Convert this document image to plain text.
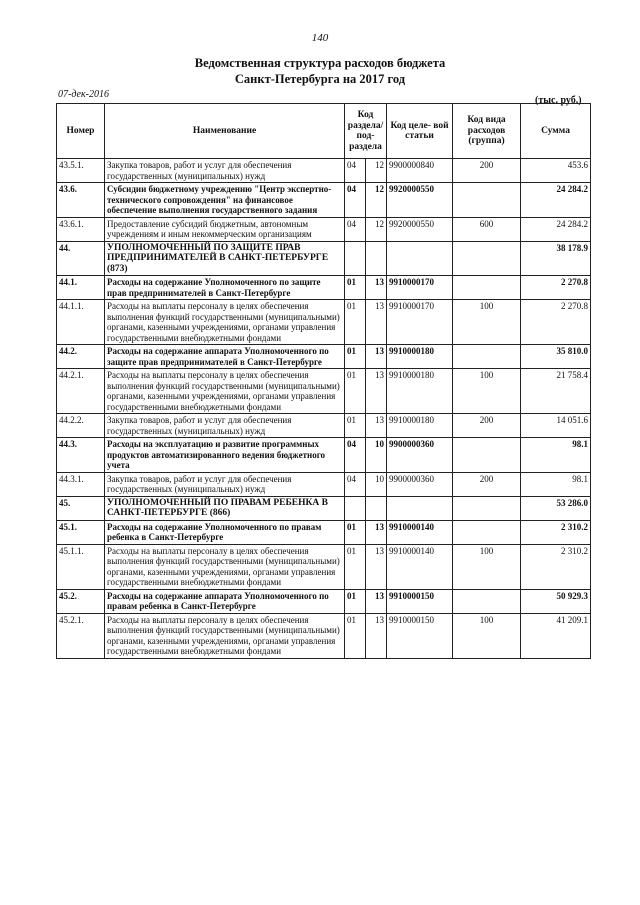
140
Ведомственная структура расходов бюджета
Санкт-Петербурга на 2017 год
07-дек-2016
(тыс. руб.)
Номер	Наименование	Код раздела/ под- раздела		Код целе- вой статьи	Код вида расходов (группа)	Сумма
43.5.1.	Закупка товаров, работ и услуг для обеспечения государственных (муниципальных) нужд	04	12	9900000840	200	453.6
43.6.	Субсидии бюджетному учреждению "Центр экспертно-технического сопровождения" на финансовое обеспечение выполнения государственного задания	04	12	9920000550		24 284.2
43.6.1.	Предоставление субсидий бюджетным, автономным учреждениям и иным некоммерческим организациям	04	12	9920000550	600	24 284.2
44.	УПОЛНОМОЧЕННЫЙ ПО ЗАЩИТЕ ПРАВ ПРЕДПРИНИМАТЕЛЕЙ В САНКТ-ПЕТЕРБУРГЕ (873)					38 178.9
44.1.	Расходы на содержание Уполномоченного по защите прав предпринимателей в Санкт-Петербурге	01	13	9910000170		2 270.8
44.1.1.	Расходы на выплаты персоналу в целях обеспечения выполнения функций государственными (муниципальными) органами, казенными учреждениями, органами управления государственными внебюджетными фондами	01	13	9910000170	100	2 270.8
44.2.	Расходы на содержание аппарата Уполномоченного по защите прав предпринимателей в Санкт-Петербурге	01	13	9910000180		35 810.0
44.2.1.	Расходы на выплаты персоналу в целях обеспечения выполнения функций государственными (муниципальными) органами, казенными учреждениями, органами управления государственными внебюджетными фондами	01	13	9910000180	100	21 758.4
44.2.2.	Закупка товаров, работ и услуг для обеспечения государственных (муниципальных) нужд	01	13	9910000180	200	14 051.6
44.3.	Расходы на эксплуатацию и развитие программных продуктов автоматизированного ведения бюджетного учета	04	10	9900000360		98.1
44.3.1.	Закупка товаров, работ и услуг для обеспечения государственных (муниципальных) нужд	04	10	9900000360	200	98.1
45.	УПОЛНОМОЧЕННЫЙ ПО ПРАВАМ РЕБЕНКА В САНКТ-ПЕТЕРБУРГЕ (866)					53 286.0
45.1.	Расходы на содержание Уполномоченного по правам ребенка в Санкт-Петербурге	01	13	9910000140		2 310.2
45.1.1.	Расходы на выплаты персоналу в целях обеспечения выполнения функций государственными (муниципальными) органами, казенными учреждениями, органами управления государственными внебюджетными фондами	01	13	9910000140	100	2 310.2
45.2.	Расходы на содержание аппарата Уполномочениого по правам ребенка в Санкт-Петербурге	01	13	9910000150		50 929.3
45.2.1.	Расходы на выплаты персоналу в целях обеспечения выполнения функций государственными (муниципальными) органами, казенными учреждениями, органами управления государственными внебюджетными фондами	01	13	9910000150	100	41 209.1
